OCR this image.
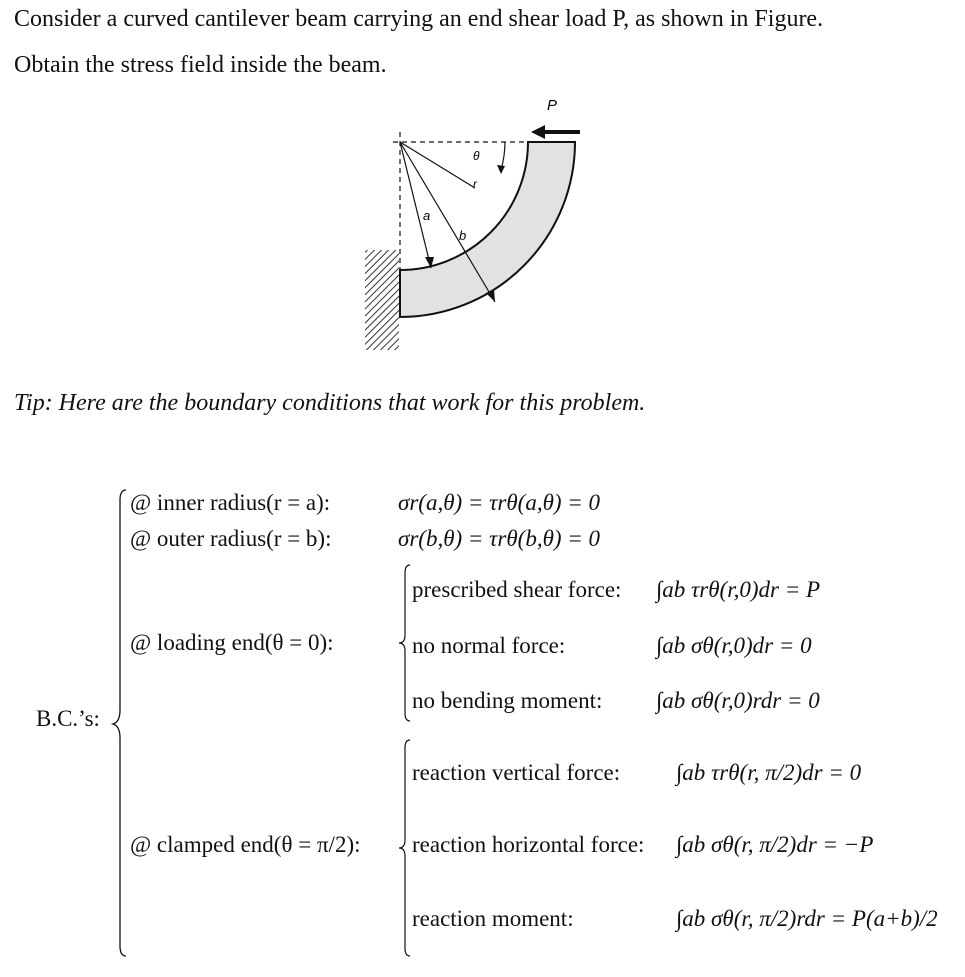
Consider a curved cantilever beam carrying an end shear load P, as shown in Figure.
Obtain the stress field inside the beam.
P
θ
r
a
b
Tip: Here are the boundary conditions that work for this problem.
B.C.’s:
@ inner radius(r = a):	σr(a,θ) = τrθ(a,θ) = 0
@ outer radius(r = b):	σr(b,θ) = τrθ(b,θ) = 0
@ loading end(θ = 0):
prescribed shear force: ∫ab τrθ(r,0)dr = P
no normal force:	∫ab σθ(r,0)dr = 0
no bending moment: ∫ab σθ(r,0)rdr = 0
@ clamped end(θ = π/2):
reaction vertical force: ∫ab τrθ(r, π/2)dr = 0
reaction horizontal force: ∫ab σθ(r, π/2)dr = −P
reaction moment:	∫ab σθ(r, π/2)rdr = P(a+b)/2
